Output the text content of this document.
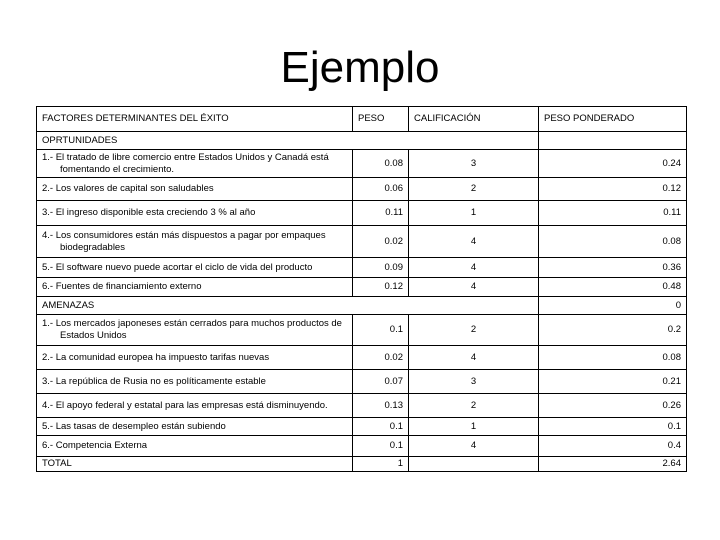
Ejemplo
FACTORES DETERMINANTES DEL ÉXITO	PESO	CALIFICACIÓN	PESO PONDERADO
OPRTUNIDADES			

1.- El tratado de libre comercio entre Estados Unidos y Canadá está fomentando el crecimiento.	0.08	3	0.24

2.- Los valores de capital son saludables	0.06	2	0.12

3.- El ingreso disponible esta creciendo 3 % al año	0.11	1	0.11

4.- Los consumidores están más dispuestos a pagar por empaques biodegradables	0.02	4	0.08

5.- El software nuevo puede acortar el ciclo de vida del producto	0.09	4	0.36

6.- Fuentes de financiamiento externo	0.12	4	0.48
AMENAZAS			0

1.- Los mercados japoneses están cerrados para muchos productos de Estados Unidos	0.1	2	0.2

2.- La comunidad europea ha impuesto tarifas nuevas	0.02	4	0.08

3.- La república de Rusia no es políticamente estable	0.07	3	0.21

4.- El apoyo federal y estatal para las empresas está disminuyendo.	0.13	2	0.26

5.- Las tasas de desempleo están subiendo	0.1	1	0.1

6.- Competencia Externa	0.1	4	0.4
TOTAL	1		2.64
